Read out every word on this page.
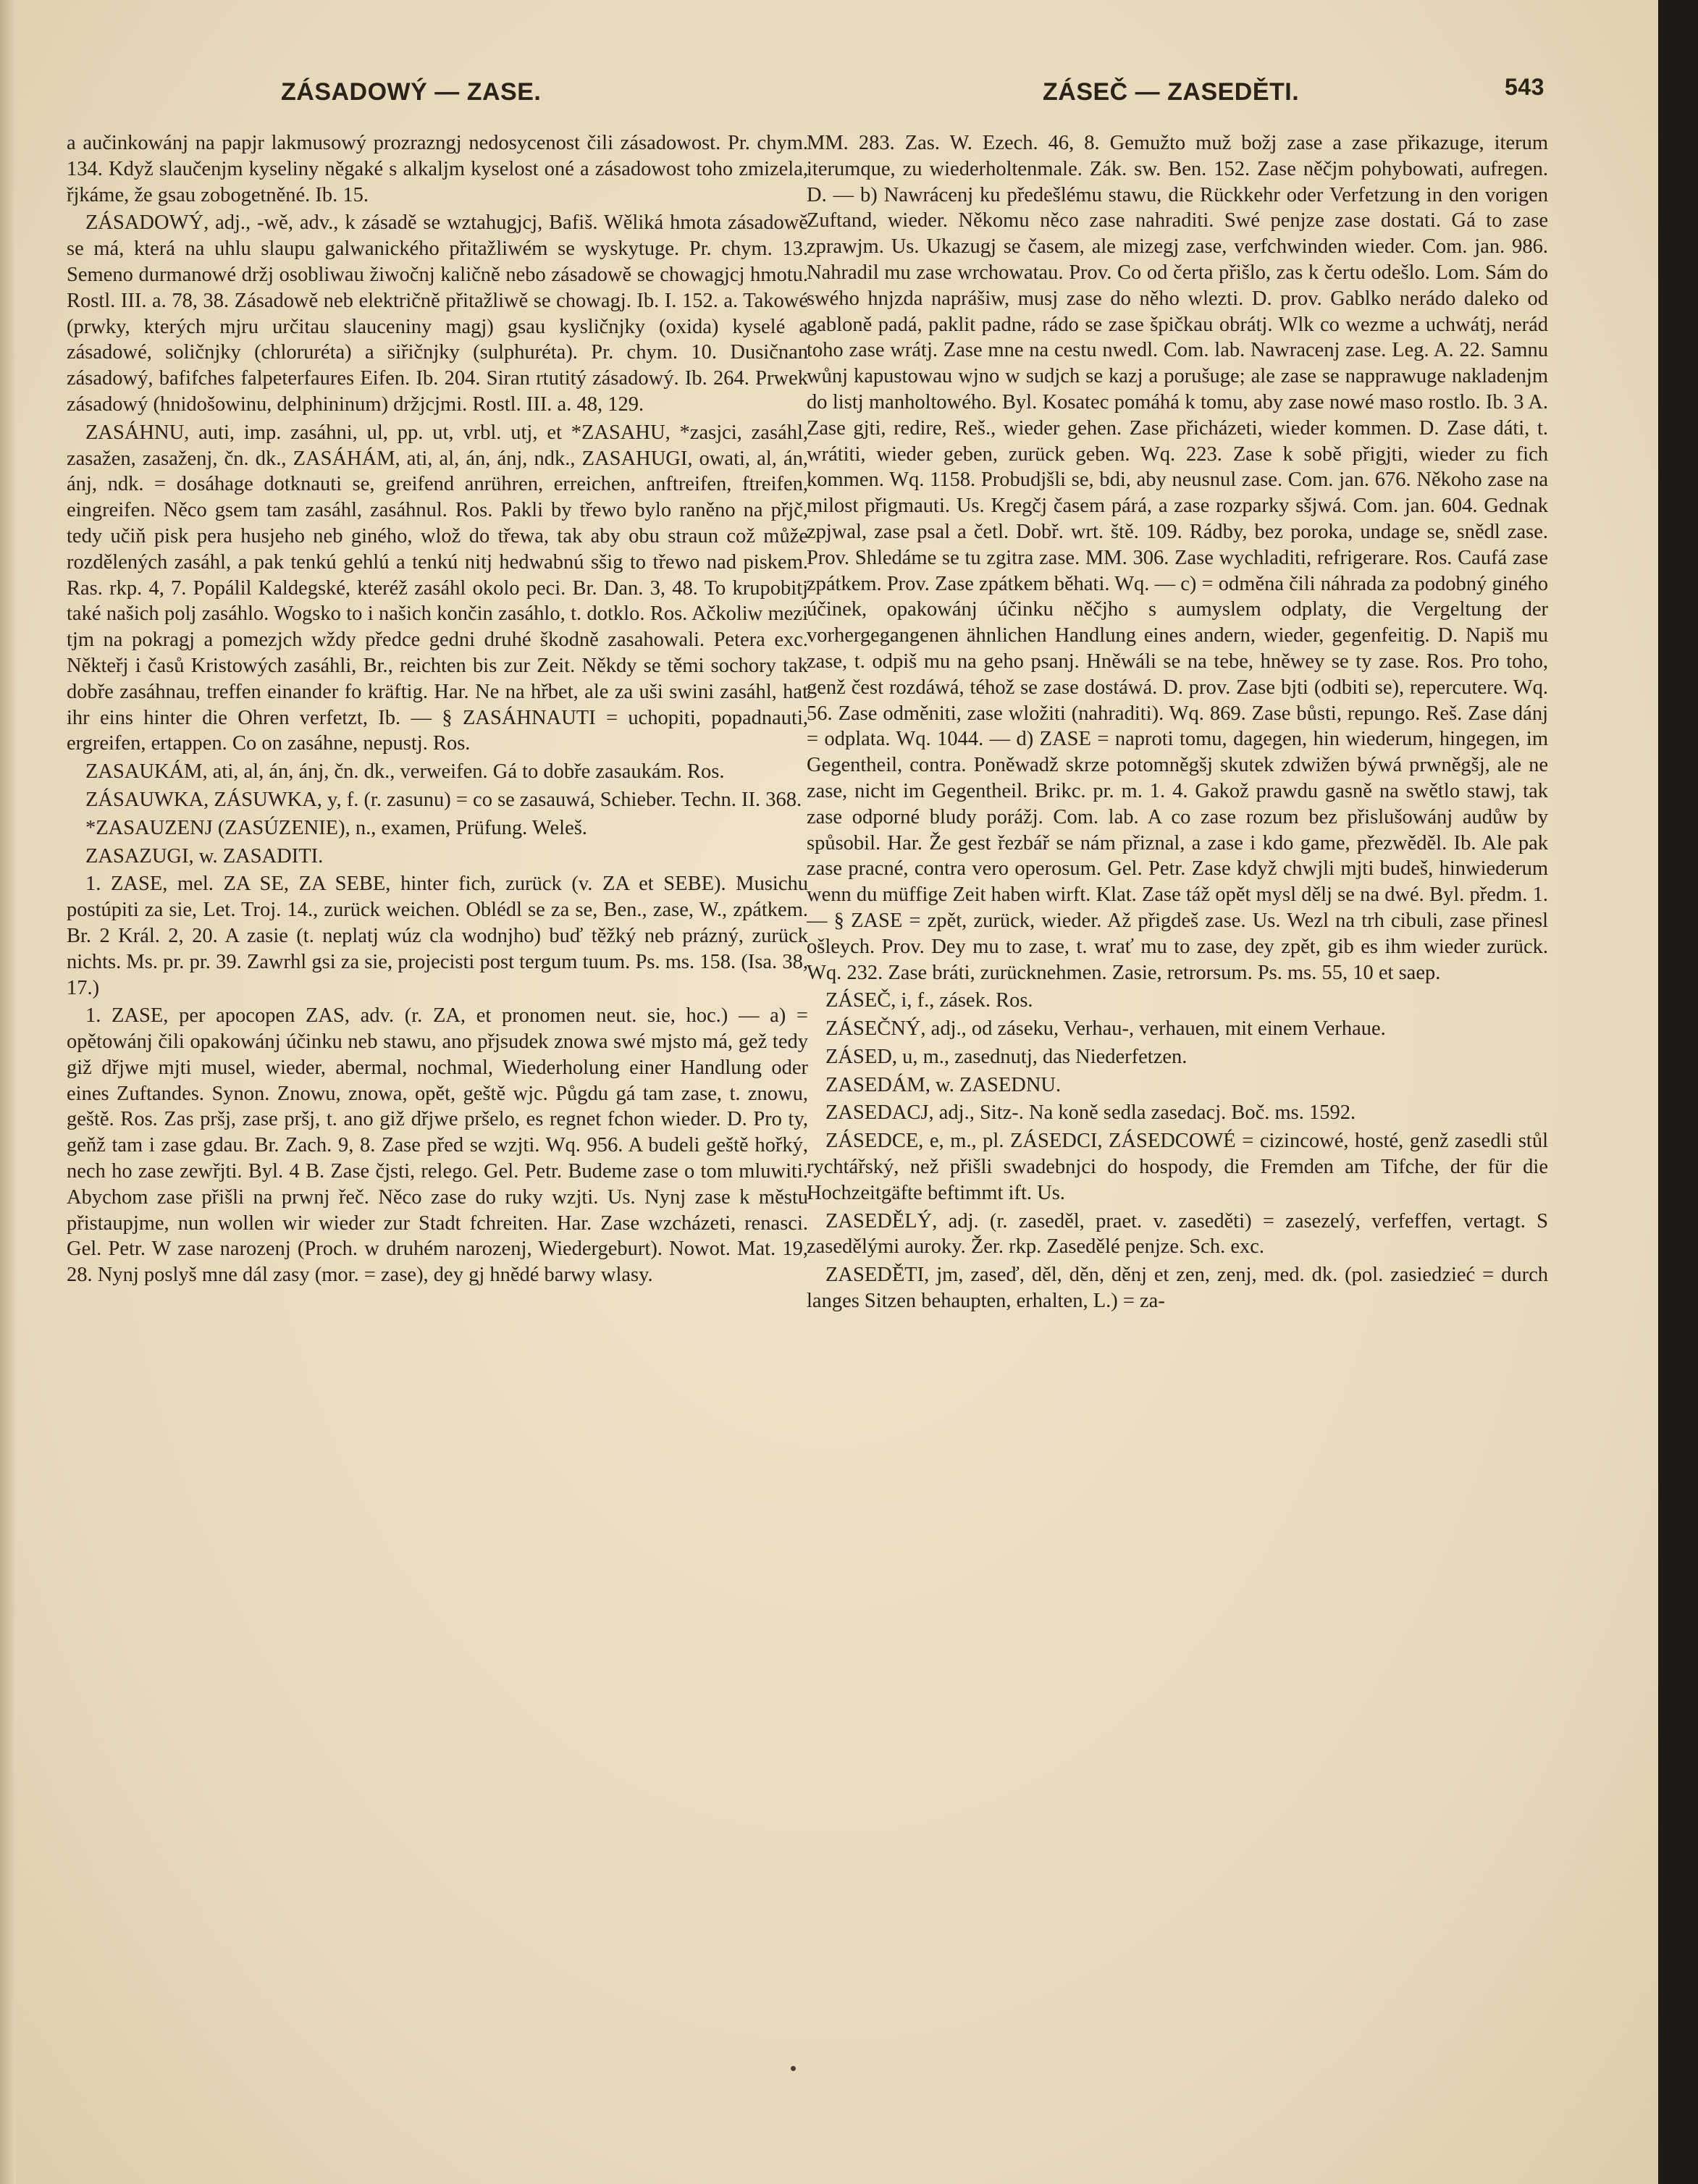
ZÁSADOWÝ — ZASE.	ZÁSEČ — ZASEDĚTI.	543

a aučinkowánj na papjr lakmusowý prozrazngj nedosycenost čili zásadowost. Pr. chym. 134. Když slaučenjm kyseliny něgaké s alkaljm kyselost oné a zásadowost toho zmizela, řjkáme, že gsau zobogetněné. Ib. 15.

ZÁSADOWÝ, adj., -wě, adv., k zásadě se wztahugjcj, Bafiš. Wěliká hmota zásadowě se má, která na uhlu slaupu galwanického přitažliwém se wyskytuge. Pr. chym. 13. Semeno durmanowé držj osobliwau žiwočnj kaličně nebo zásadowě se chowagjcj hmotu. Rostl. III. a. 78, 38. Zásadowě neb električně přitažliwě se chowagj. Ib. I. 152. a. Takowé (prwky, kterých mjru určitau slauceniny magj) gsau kysličnjky (oxida) kyselé a zásadowé, soličnjky (chloruréta) a siřičnjky (sulphuréta). Pr. chym. 10. Dusičnan zásadowý, bafifches falpeterfaures Eifen. Ib. 204. Siran rtutitý zásadowý. Ib. 264. Prwek zásadowý (hnidošowinu, delphininum) držjcjmi. Rostl. III. a. 48, 129.

ZASÁHNU, auti, imp. zasáhni, ul, pp. ut, vrbl. utj, et *ZASAHU, *zasjci, zasáhl, zasažen, zasaženj, čn. dk., ZASÁHÁM, ati, al, án, ánj, ndk., ZASAHUGI, owati, al, án, ánj, ndk. = dosáhage dotknauti se, greifend anrühren, erreichen, anftreifen, ftreifen, eingreifen. Něco gsem tam zasáhl, zasáhnul. Ros. Pakli by třewo bylo raněno na přjč, tedy učiň pisk pera husjeho neb giného, wlož do třewa, tak aby obu straun což může rozdělených zasáhl, a pak tenkú gehlú a tenkú nitj hedwabnú sšig to třewo nad piskem. Ras. rkp. 4, 7. Popálil Kaldegské, kteréž zasáhl okolo peci. Br. Dan. 3, 48. To krupobitj také našich polj zasáhlo. Wogsko to i našich končin zasáhlo, t. dotklo. Ros. Ačkoliw mezi tjm na pokragj a pomezjch wždy předce gedni druhé škodně zasahowali. Petera exc. Někteřj i časů Kristowých zasáhli, Br., reichten bis zur Zeit. Někdy se těmi sochory tak dobře zasáhnau, treffen einander fo kräftig. Har. Ne na hřbet, ale za uši swini zasáhl, hat ihr eins hinter die Ohren verfetzt, Ib. — § ZASÁHNAUTI = uchopiti, popadnauti, ergreifen, ertappen. Co on zasáhne, nepustj. Ros.

ZASAUKÁM, ati, al, án, ánj, čn. dk., verweifen. Gá to dobře zasaukám. Ros.

ZÁSAUWKA, ZÁSUWKA, y, f. (r. zasunu) = co se zasauwá, Schieber. Techn. II. 368.

*ZASAUZENJ (ZASÚZENIE), n., examen, Prüfung. Weleš.

ZASAZUGI, w. ZASADITI.

1. ZASE, mel. ZA SE, ZA SEBE, hinter fich, zurück (v. ZA et SEBE). Musichu postúpiti za sie, Let. Troj. 14., zurück weichen. Oblédl se za se, Ben., zase, W., zpátkem. Br. 2 Král. 2, 20. A zasie (t. neplatj wúz cla wodnjho) buď těžký neb prázný, zurück nichts. Ms. pr. pr. 39. Zawrhl gsi za sie, projecisti post tergum tuum. Ps. ms. 158. (Isa. 38, 17.)

1. ZASE, per apocopen ZAS, adv. (r. ZA, et pronomen neut. sie, hoc.) — a) = opětowánj čili opakowánj účinku neb stawu, ano přjsudek znowa swé mjsto má, gež tedy giž dřjwe mjti musel, wieder, abermal, nochmal, Wiederholung einer Handlung oder eines Zuftandes. Synon. Znowu, znowa, opět, geště wjc. Půgdu gá tam zase, t. znowu, geště. Ros. Zas pršj, zase pršj, t. ano giž dřjwe pršelo, es regnet fchon wieder. D. Pro ty, geňž tam i zase gdau. Br. Zach. 9, 8. Zase před se wzjti. Wq. 956. A budeli geště hořký, nech ho zase zewřjti. Byl. 4 B. Zase čjsti, relego. Gel. Petr. Budeme zase o tom mluwiti. Abychom zase přišli na prwnj řeč. Něco zase do ruky wzjti. Us. Nynj zase k městu přistaupjme, nun wollen wir wieder zur Stadt fchreiten. Har. Zase wzcházeti, renasci. Gel. Petr. W zase narozenj (Proch. w druhém narozenj, Wiedergeburt). Nowot. Mat. 19, 28. Nynj poslyš mne dál zasy (mor. = zase), dey gj hnědé barwy wlasy.

MM. 283. Zas. W. Ezech. 46, 8. Gemužto muž božj zase a zase přikazuge, iterum iterumque, zu wiederholtenmale. Zák. sw. Ben. 152. Zase něčjm pohybowati, aufregen. D. — b) Nawrácenj ku předešlému stawu, die Rückkehr oder Verfetzung in den vorigen Zuftand, wieder. Někomu něco zase nahraditi. Swé penjze zase dostati. Gá to zase zprawjm. Us. Ukazugj se časem, ale mizegj zase, verfchwinden wieder. Com. jan. 986. Nahradil mu zase wrchowatau. Prov. Co od čerta přišlo, zas k čertu odešlo. Lom. Sám do swého hnjzda naprášiw, musj zase do něho wlezti. D. prov. Gablko nerádo daleko od gabloně padá, paklit padne, rádo se zase špičkau obrátj. Wlk co wezme a uchwátj, nerád toho zase wrátj. Zase mne na cestu nwedl. Com. lab. Nawracenj zase. Leg. A. 22. Samnu wůnj kapustowau wjno w sudjch se kazj a porušuge; ale zase se napprawuge nakladenjm do listj manholtowého. Byl. Kosatec pomáhá k tomu, aby zase nowé maso rostlo. Ib. 3 A. Zase gjti, redire, Reš., wieder gehen. Zase přicházeti, wieder kommen. D. Zase dáti, t. wrátiti, wieder geben, zurück geben. Wq. 223. Zase k sobě přigjti, wieder zu fich kommen. Wq. 1158. Probudjšli se, bdi, aby neusnul zase. Com. jan. 676. Někoho zase na milost přigmauti. Us. Kregčj časem párá, a zase rozparky sšjwá. Com. jan. 604. Gednak zpjwal, zase psal a četl. Dobř. wrt. ště. 109. Rádby, bez poroka, undage se, snědl zase. Prov. Shledáme se tu zgitra zase. MM. 306. Zase wychladiti, refrigerare. Ros. Caufá zase zpátkem. Prov. Zase zpátkem běhati. Wq. — c) = odměna čili náhrada za podobný giného účinek, opakowánj účinku něčjho s aumyslem odplaty, die Vergeltung der vorhergegangenen ähnlichen Handlung eines andern, wieder, gegenfeitig. D. Napiš mu zase, t. odpiš mu na geho psanj. Hněwáli se na tebe, hněwey se ty zase. Ros. Pro toho, genž čest rozdáwá, téhož se zase dostáwá. D. prov. Zase bjti (odbiti se), repercutere. Wq. 56. Zase odměniti, zase wložiti (nahraditi). Wq. 869. Zase bůsti, repungo. Reš. Zase dánj = odplata. Wq. 1044. — d) ZASE = naproti tomu, dagegen, hin wiederum, hingegen, im Gegentheil, contra. Poněwadž skrze potomněgšj skutek zdwižen býwá prwněgšj, ale ne zase, nicht im Gegentheil. Brikc. pr. m. 1. 4. Gakož prawdu gasně na swětlo stawj, tak zase odporné bludy porážj. Com. lab. A co zase rozum bez přislušowánj audůw by spůsobil. Har. Že gest řezbář se nám přiznal, a zase i kdo game, přezwěděl. Ib. Ale pak zase pracné, contra vero operosum. Gel. Petr. Zase když chwjli mjti budeš, hinwiederum wenn du müffige Zeit haben wirft. Klat. Zase táž opět mysl dělj se na dwé. Byl. předm. 1. — § ZASE = zpět, zurück, wieder. Až přigdeš zase. Us. Wezl na trh cibuli, zase přinesl ošleych. Prov. Dey mu to zase, t. wrať mu to zase, dey zpět, gib es ihm wieder zurück. Wq. 232. Zase bráti, zurücknehmen. Zasie, retrorsum. Ps. ms. 55, 10 et saep.

ZÁSEČ, i, f., zásek. Ros.

ZÁSEČNÝ, adj., od záseku, Verhau-, verhauen, mit einem Verhaue.

ZÁSED, u, m., zasednutj, das Niederfetzen.

ZASEDÁM, w. ZASEDNU.

ZASEDACJ, adj., Sitz-. Na koně sedla zasedacj. Boč. ms. 1592.

ZÁSEDCE, e, m., pl. ZÁSEDCI, ZÁSEDCOWÉ = cizincowé, hosté, genž zasedli stůl rychtářský, než přišli swadebnjci do hospody, die Fremden am Tifche, der für die Hochzeitgäfte beftimmt ift. Us.

ZASEDĚLÝ, adj. (r. zaseděl, praet. v. zaseděti) = zasezelý, verfeffen, vertagt. S zasedělými auroky. Žer. rkp. Zasedělé penjze. Sch. exc.

ZASEDĚTI, jm, zaseď, děl, děn, děnj et zen, zenj, med. dk. (pol. zasiedzieć = durch langes Sitzen behaupten, erhalten, L.) = za-
